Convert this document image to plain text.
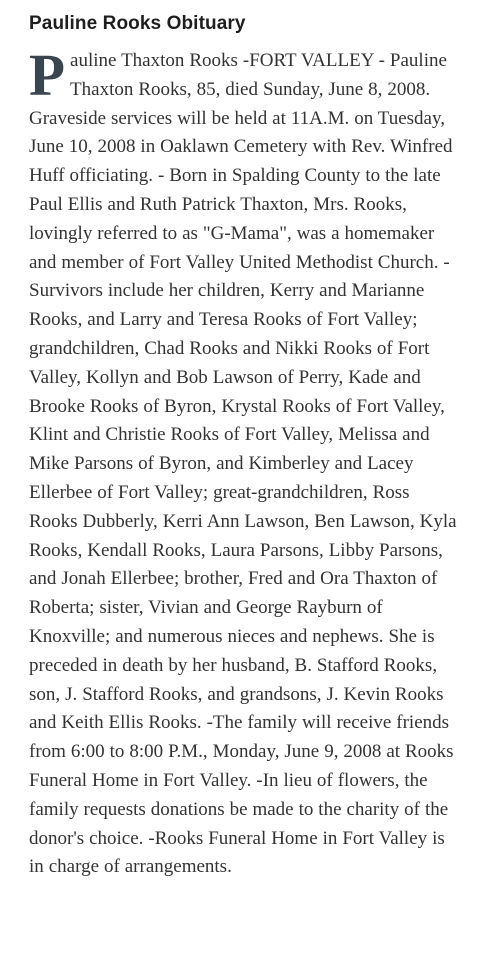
Pauline Rooks Obituary

Pauline Thaxton Rooks -FORT VALLEY - Pauline Thaxton Rooks, 85, died Sunday, June 8, 2008. Graveside services will be held at 11A.M. on Tuesday, June 10, 2008 in Oaklawn Cemetery with Rev. Winfred Huff officiating. - Born in Spalding County to the late Paul Ellis and Ruth Patrick Thaxton, Mrs. Rooks, lovingly referred to as "G-Mama", was a homemaker and member of Fort Valley United Methodist Church. - Survivors include her children, Kerry and Marianne Rooks, and Larry and Teresa Rooks of Fort Valley; grandchildren, Chad Rooks and Nikki Rooks of Fort Valley, Kollyn and Bob Lawson of Perry, Kade and Brooke Rooks of Byron, Krystal Rooks of Fort Valley, Klint and Christie Rooks of Fort Valley, Melissa and Mike Parsons of Byron, and Kimberley and Lacey Ellerbee of Fort Valley; great-grandchildren, Ross Rooks Dubberly, Kerri Ann Lawson, Ben Lawson, Kyla Rooks, Kendall Rooks, Laura Parsons, Libby Parsons, and Jonah Ellerbee; brother, Fred and Ora Thaxton of Roberta; sister, Vivian and George Rayburn of Knoxville; and numerous nieces and nephews. She is preceded in death by her husband, B. Stafford Rooks, son, J. Stafford Rooks, and grandsons, J. Kevin Rooks and Keith Ellis Rooks. -The family will receive friends from 6:00 to 8:00 P.M., Monday, June 9, 2008 at Rooks Funeral Home in Fort Valley. -In lieu of flowers, the family requests donations be made to the charity of the donor's choice. -Rooks Funeral Home in Fort Valley is in charge of arrangements.
